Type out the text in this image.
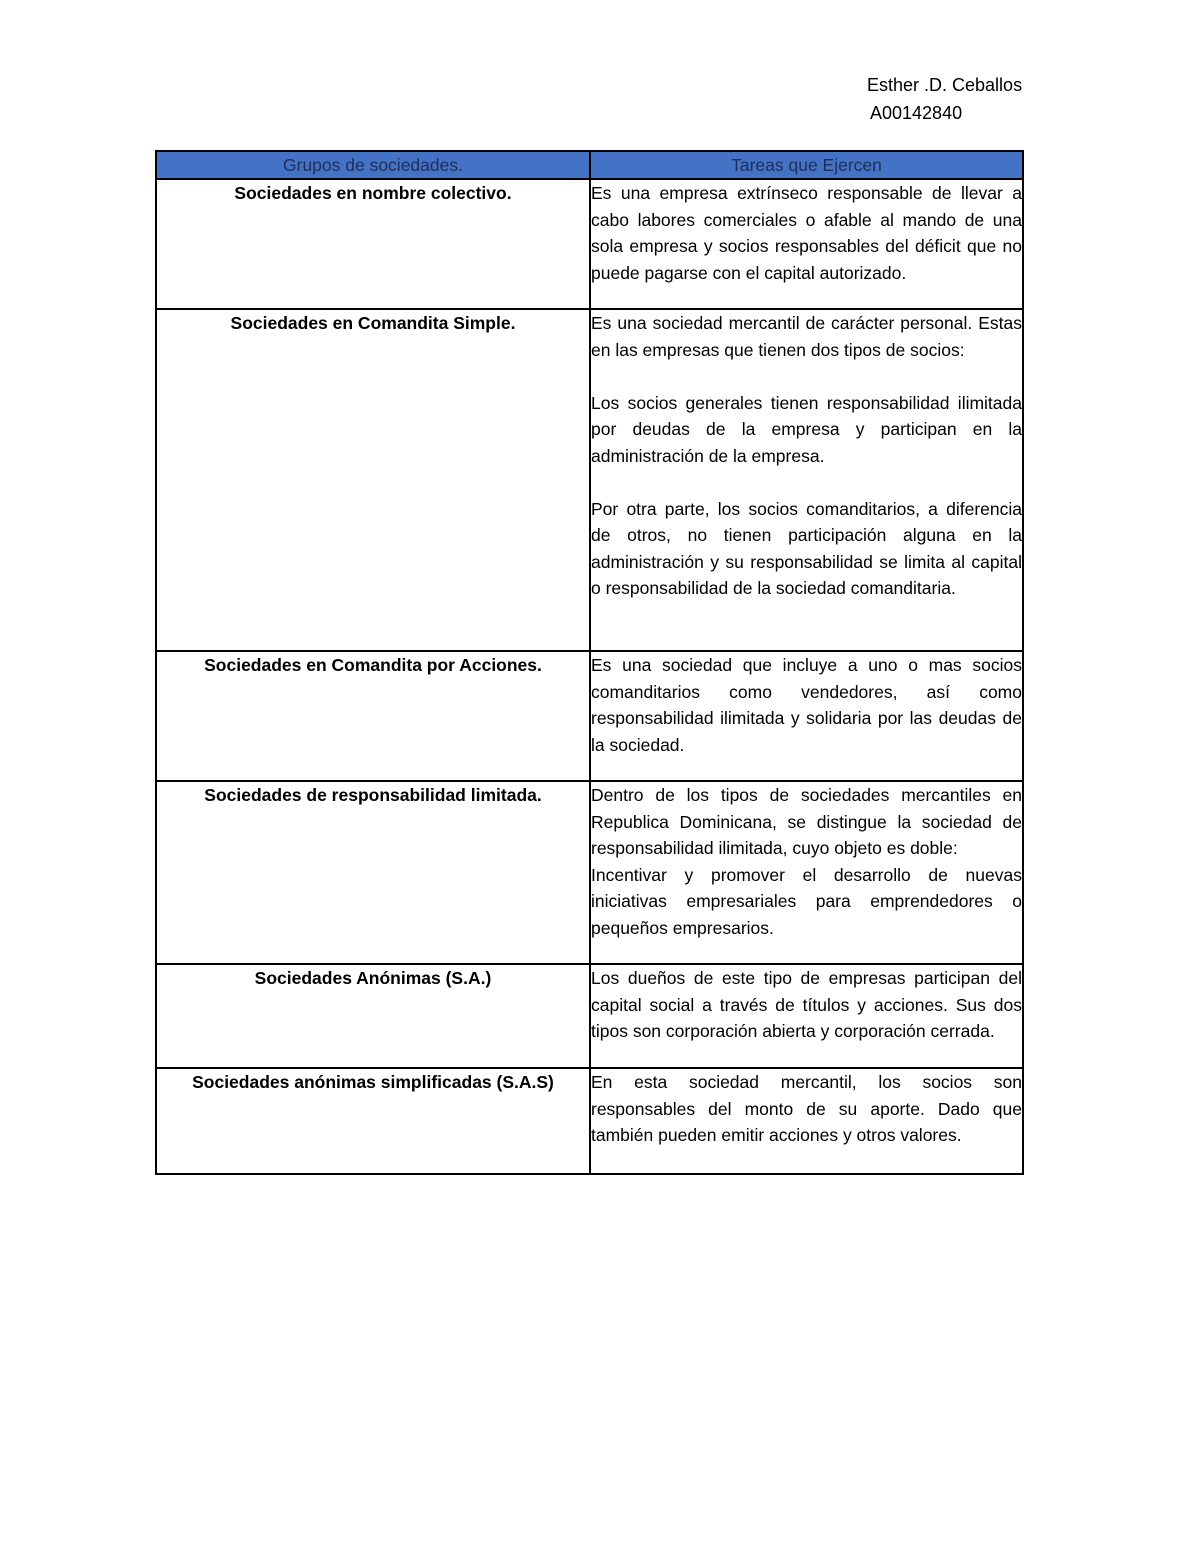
Esther .D. Ceballos
A00142840
Grupos de sociedades.	Tareas que Ejercen
Sociedades en nombre colectivo.	Es una empresa extrínseco responsable de llevar a cabo labores comerciales o afable al mando de una sola empresa y socios responsables del déficit que no puede pagarse con el capital autorizado.

Sociedades en Comandita Simple.	Es una sociedad mercantil de carácter personal. Estas en las empresas que tienen dos tipos de socios:

Los socios generales tienen responsabilidad ilimitada por deudas de la empresa y participan en la administración de la empresa.

Por otra parte, los socios comanditarios, a diferencia de otros, no tienen participación alguna en la administración y su responsabilidad se limita al capital o responsabilidad de la sociedad comanditaria.

Sociedades en Comandita por Acciones.	Es una sociedad que incluye a uno o mas socios comanditarios como vendedores, así como responsabilidad ilimitada y solidaria por las deudas de la sociedad.

Sociedades de responsabilidad limitada.	Dentro de los tipos de sociedades mercantiles en Republica Dominicana, se distingue la sociedad de responsabilidad ilimitada, cuyo objeto es doble:

Incentivar y promover el desarrollo de nuevas iniciativas empresariales para emprendedores o pequeños empresarios.

Sociedades Anónimas (S.A.)	Los dueños de este tipo de empresas participan del capital social a través de títulos y acciones. Sus dos tipos son corporación abierta y corporación cerrada.

Sociedades anónimas simplificadas (S.A.S)	En esta sociedad mercantil, los socios son responsables del monto de su aporte. Dado que también pueden emitir acciones y otros valores.
